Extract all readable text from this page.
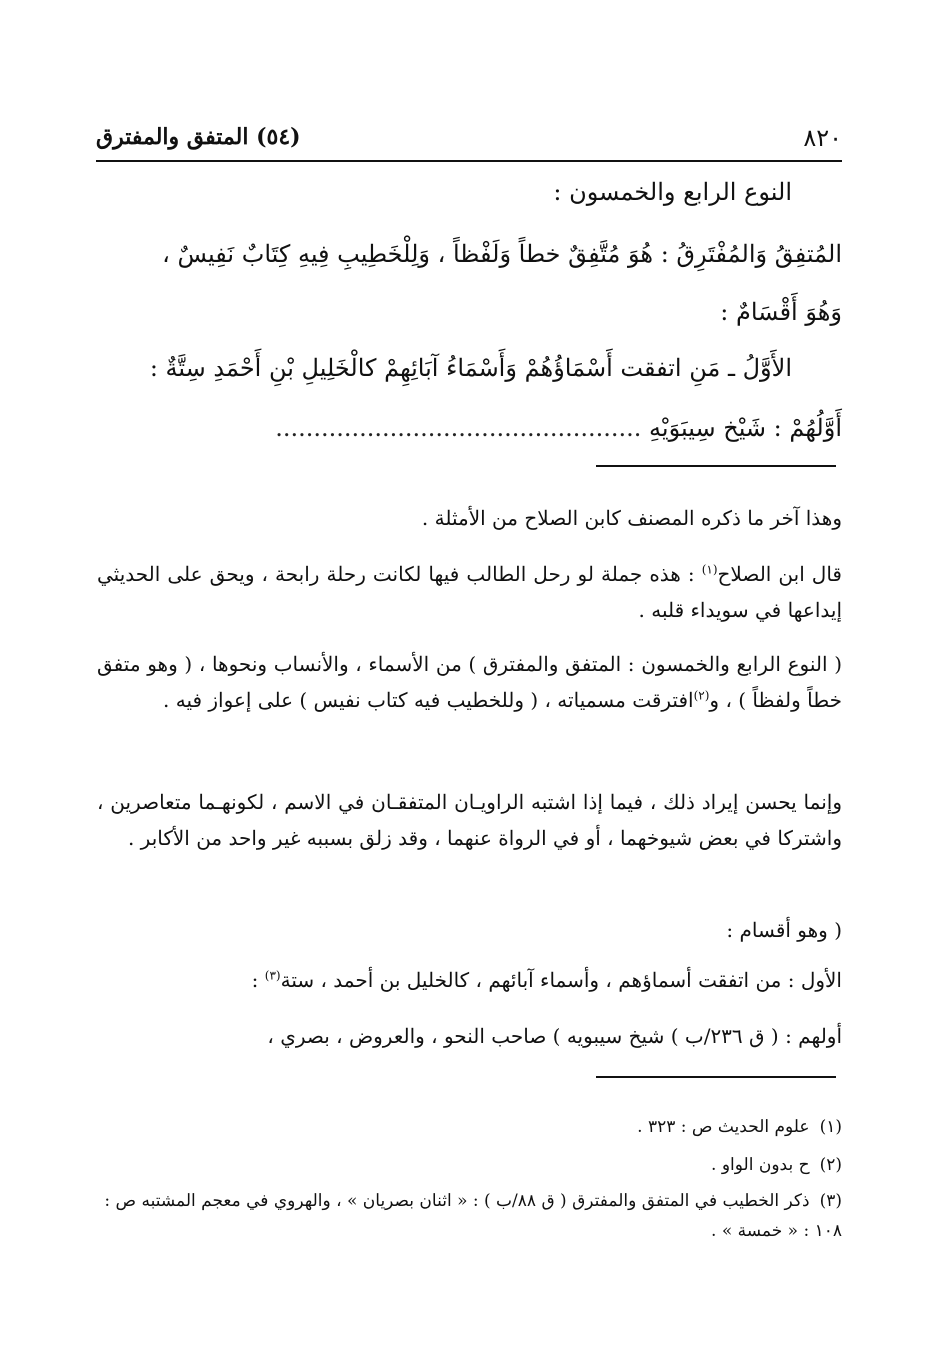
٨٢٠
(٥٤) المتفق والمفترق
النوع الرابع والخمسون :
المُتفِقُ وَالمُفْتَرِقُ : هُوَ مُتَّفِقٌ خطاً وَلَفْظاً ، وَلِلْخَطِيبِ فِيهِ كِتَابٌ نَفِيسٌ ،
وَهُوَ أَقْسَامٌ :
الأَوَّلُ ـ مَنِ اتفقت أَسْمَاؤُهُمْ وَأَسْمَاءُ آبَائِهِمْ كالْخَلِيلِ بْنِ أَحْمَدِ سِتَّةٌ :
أَوَّلُهُمْ : شَيْخ سِيبَوَيْهِ ................................................
وهذا آخر ما ذكره المصنف كابن الصلاح من الأمثلة .
قال ابن الصلاح$^{(١)}$ : هذه جملة لو رحل الطالب فيها لكانت رحلة رابحة ، ويحق على الحديثي إيداعها في سويداء قلبه .
( النوع الرابع والخمسون : المتفق والمفترق ) من الأسماء ، والأنساب ونحوها ، ( وهو متفق خطاً ولفظاً ) ، و$^{(٢)}$افترقت مسمياته ، ( وللخطيب فيه كتاب نفيس ) على إعواز فيه .
وإنما يحسن إيراد ذلك ، فيما إذا اشتبه الراويـان المتفقـان في الاسم ، لكونهـما متعاصرين ، واشتركا في بعض شيوخهما ، أو في الرواة عنهما ، وقد زلق بسببه غير واحد من الأكابر .
( وهو أقسام :
الأول : من اتفقت أسماؤهم ، وأسماء آبائهم ، كالخليل بن أحمد ، ستة$^{(٣)}$ :
أولهم : ( ق ٢٣٦/ب ) شيخ سيبويه ) صاحب النحو ، والعروض ، بصري ،
(١)علوم الحديث ص : ٣٢٣ .
(٢)ح بدون الواو .
(٣)ذكر الخطيب في المتفق والمفترق ( ق ٨٨/ب ) : « اثنان بصريان » ، والهروي في معجم المشتبه ص : ١٠٨ : « خمسة » .
